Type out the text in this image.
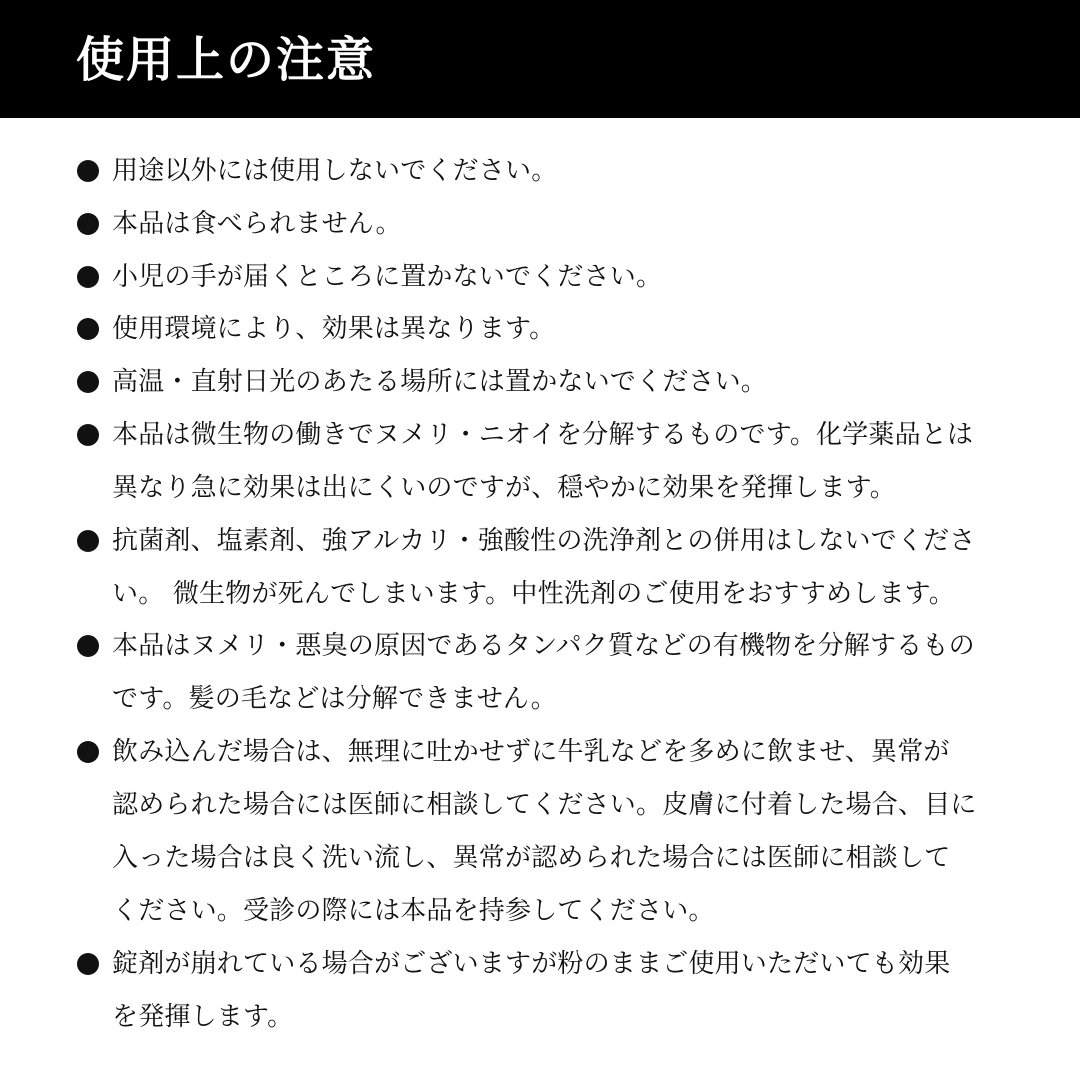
使用上の注意
用途以外には使用しないでください。
本品は食べられません。
小児の手が届くところに置かないでください。
使用環境により、効果は異なります。
高温・直射日光のあたる場所には置かないでください。
本品は微生物の働きでヌメリ・ニオイを分解するものです。化学薬品とは
異なり急に効果は出にくいのですが、穏やかに効果を発揮します。
抗菌剤、塩素剤、強アルカリ・強酸性の洗浄剤との併用はしないでくださ
い。 微生物が死んでしまいます。中性洗剤のご使用をおすすめします。
本品はヌメリ・悪臭の原因であるタンパク質などの有機物を分解するもの
です。髪の毛などは分解できません。
飲み込んだ場合は、無理に吐かせずに牛乳などを多めに飲ませ、異常が
認められた場合には医師に相談してください。皮膚に付着した場合、目に
入った場合は良く洗い流し、異常が認められた場合には医師に相談して
ください。受診の際には本品を持参してください。
錠剤が崩れている場合がございますが粉のままご使用いただいても効果
を発揮します。
